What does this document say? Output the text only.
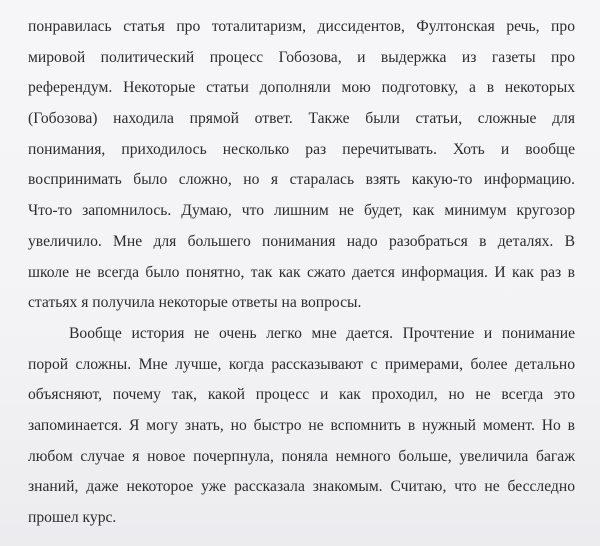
понравилась статья про тоталитаризм, диссидентов, Фултонская речь, про
мировой политический процесс Гобозова, и выдержка из газеты про
референдум. Некоторые статьи дополняли мою подготовку, а в некоторых
(Гобозова) находила прямой ответ. Также были статьи, сложные для
понимания, приходилось несколько раз перечитывать. Хоть и вообще
воспринимать было сложно, но я старалась взять какую-то информацию.
Что-то запомнилось. Думаю, что лишним не будет, как минимум кругозор
увеличило. Мне для большего понимания надо разобраться в деталях. В
школе не всегда было понятно, так как сжато дается информация. И как раз в
статьях я получила некоторые ответы на вопросы.
Вообще история не очень легко мне дается. Прочтение и понимание
порой сложны. Мне лучше, когда рассказывают с примерами, более детально
объясняют, почему так, какой процесс и как проходил, но не всегда это
запоминается. Я могу знать, но быстро не вспомнить в нужный момент. Но в
любом случае я новое почерпнула, поняла немного больше, увеличила багаж
знаний, даже некоторое уже рассказала знакомым. Считаю, что не бесследно
прошел курс.
